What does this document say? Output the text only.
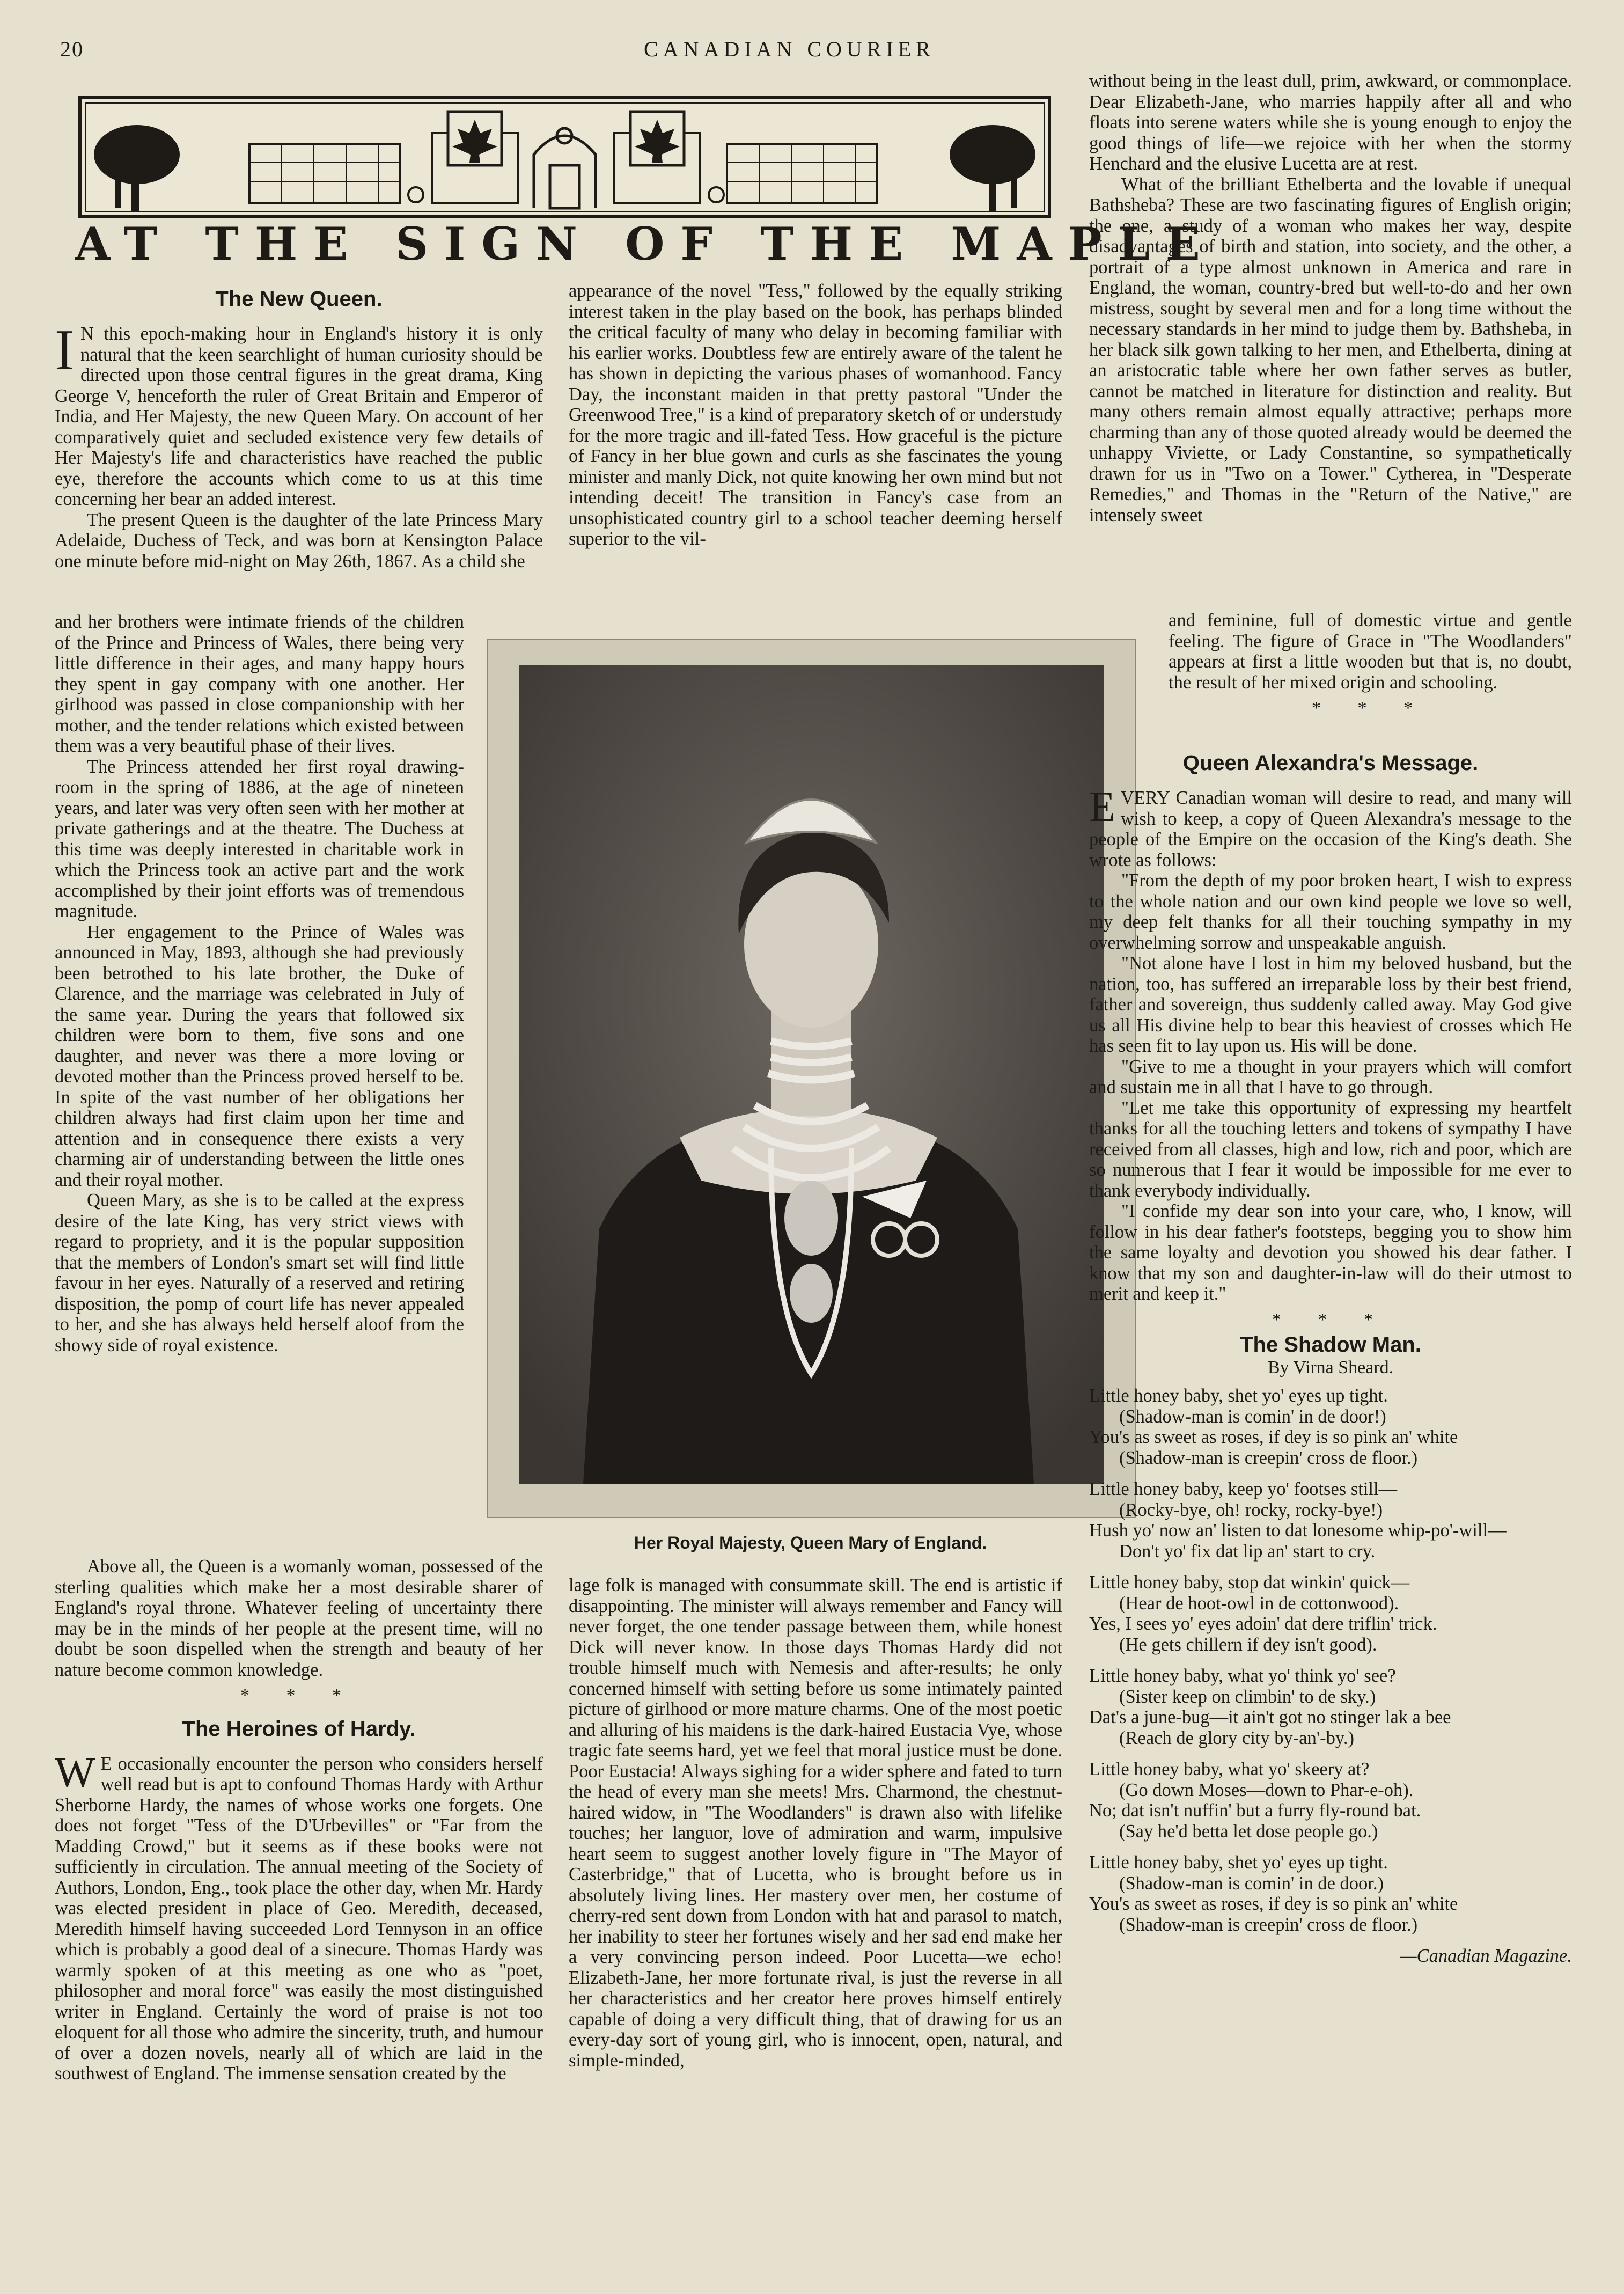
20	CANADIAN COURIER
AT THE SIGN OF THE MAPLE
The New Queen.

I N this epoch-making hour in England's history it is only natural that the keen searchlight of human curiosity should be directed upon those central figures in the great drama, King George V, henceforth the ruler of Great Britain and Emperor of India, and Her Majesty, the new Queen Mary. On account of her comparatively quiet and secluded existence very few details of Her Majesty's life and characteristics have reached the public eye, therefore the accounts which come to us at this time concerning her bear an added interest.

The present Queen is the daughter of the late Princess Mary Adelaide, Duchess of Teck, and was born at Kensington Palace one minute before mid-night on May 26th, 1867. As a child she

and her brothers were intimate friends of the children of the Prince and Princess of Wales, there being very little difference in their ages, and many happy hours they spent in gay company with one another. Her girlhood was passed in close companionship with her mother, and the tender relations which existed between them was a very beautiful phase of their lives.

The Princess attended her first royal drawing-room in the spring of 1886, at the age of nineteen years, and later was very often seen with her mother at private gatherings and at the theatre. The Duchess at this time was deeply interested in charitable work in which the Princess took an active part and the work accomplished by their joint efforts was of tremendous magnitude.

Her engagement to the Prince of Wales was announced in May, 1893, although she had previously been betrothed to his late brother, the Duke of Clarence, and the marriage was celebrated in July of the same year. During the years that followed six children were born to them, five sons and one daughter, and never was there a more loving or devoted mother than the Princess proved herself to be. In spite of the vast number of her obligations her children always had first claim upon her time and attention and in consequence there exists a very charming air of understanding between the little ones and their royal mother.

Queen Mary, as she is to be called at the express desire of the late King, has very strict views with regard to propriety, and it is the popular supposition that the members of London's smart set will find little favour in her eyes. Naturally of a reserved and retiring disposition, the pomp of court life has never appealed to her, and she has always held herself aloof from the showy side of royal existence.

Above all, the Queen is a womanly woman, possessed of the sterling qualities which make her a most desirable sharer of England's royal throne. Whatever feeling of uncertainty there may be in the minds of her people at the present time, will no doubt be soon dispelled when the strength and beauty of her nature become common knowledge.

* * *
The Heroines of Hardy.

W E occasionally encounter the person who considers herself well read but is apt to confound Thomas Hardy with Arthur Sherborne Hardy, the names of whose works one forgets. One does not forget "Tess of the D'Urbevilles" or "Far from the Madding Crowd," but it seems as if these books were not sufficiently in circulation. The annual meeting of the Society of Authors, London, Eng., took place the other day, when Mr. Hardy was elected president in place of Geo. Meredith, deceased, Meredith himself having succeeded Lord Tennyson in an office which is probably a good deal of a sinecure. Thomas Hardy was warmly spoken of at this meeting as one who as "poet, philosopher and moral force" was easily the most distinguished writer in England. Certainly the word of praise is not too eloquent for all those who admire the sincerity, truth, and humour of over a dozen novels, nearly all of which are laid in the southwest of England. The immense sensation created by the

appearance of the novel "Tess," followed by the equally striking interest taken in the play based on the book, has perhaps blinded the critical faculty of many who delay in becoming familiar with his earlier works. Doubtless few are entirely aware of the talent he has shown in depicting the various phases of womanhood. Fancy Day, the inconstant maiden in that pretty pastoral "Under the Greenwood Tree," is a kind of preparatory sketch of or understudy for the more tragic and ill-fated Tess. How graceful is the picture of Fancy in her blue gown and curls as she fascinates the young minister and manly Dick, not quite knowing her own mind but not intending deceit! The transition in Fancy's case from an unsophisticated country girl to a school teacher deeming herself superior to the vil-

Her Royal Majesty, Queen Mary of England.

lage folk is managed with consummate skill. The end is artistic if disappointing. The minister will always remember and Fancy will never forget, the one tender passage between them, while honest Dick will never know. In those days Thomas Hardy did not trouble himself much with Nemesis and after-results; he only concerned himself with setting before us some intimately painted picture of girlhood or more mature charms. One of the most poetic and alluring of his maidens is the dark-haired Eustacia Vye, whose tragic fate seems hard, yet we feel that moral justice must be done. Poor Eustacia! Always sighing for a wider sphere and fated to turn the head of every man she meets! Mrs. Charmond, the chestnut-haired widow, in "The Woodlanders" is drawn also with lifelike touches; her languor, love of admiration and warm, impulsive heart seem to suggest another lovely figure in "The Mayor of Casterbridge," that of Lucetta, who is brought before us in absolutely living lines. Her mastery over men, her costume of cherry-red sent down from London with hat and parasol to match, her inability to steer her fortunes wisely and her sad end make her a very convincing person indeed. Poor Lucetta—we echo! Elizabeth-Jane, her more fortunate rival, is just the reverse in all her characteristics and her creator here proves himself entirely capable of doing a very difficult thing, that of drawing for us an every-day sort of young girl, who is innocent, open, natural, and simple-minded,

without being in the least dull, prim, awkward, or commonplace. Dear Elizabeth-Jane, who marries happily after all and who floats into serene waters while she is young enough to enjoy the good things of life—we rejoice with her when the stormy Henchard and the elusive Lucetta are at rest.

What of the brilliant Ethelberta and the lovable if unequal Bathsheba? These are two fascinating figures of English origin; the one, a study of a woman who makes her way, despite disadvantages of birth and station, into society, and the other, a portrait of a type almost unknown in America and rare in England, the woman, country-bred but well-to-do and her own mistress, sought by several men and for a long time without the necessary standards in her mind to judge them by. Bathsheba, in her black silk gown talking to her men, and Ethelberta, dining at an aristocratic table where her own father serves as butler, cannot be matched in literature for distinction and reality. But many others remain almost equally attractive; perhaps more charming than any of those quoted already would be deemed the unhappy Viviette, or Lady Constantine, so sympathetically drawn for us in "Two on a Tower." Cytherea, in "Desperate Remedies," and Thomas in the "Return of the Native," are intensely sweet

and feminine, full of domestic virtue and gentle feeling. The figure of Grace in "The Woodlanders" appears at first a little wooden but that is, no doubt, the result of her mixed origin and schooling.

* * *
Queen Alexandra's Message.

EVERY Canadian woman will desire to read, and many will wish to keep, a copy of Queen Alexandra's message to the people of the Empire on the occasion of the King's death. She wrote as follows:

"From the depth of my poor broken heart, I wish to express to the whole nation and our own kind people we love so well, my deep felt thanks for all their touching sympathy in my overwhelming sorrow and unspeakable anguish.

"Not alone have I lost in him my beloved husband, but the nation, too, has suffered an irreparable loss by their best friend, father and sovereign, thus suddenly called away. May God give us all His divine help to bear this heaviest of crosses which He has seen fit to lay upon us. His will be done.

"Give to me a thought in your prayers which will comfort and sustain me in all that I have to go through.

"Let me take this opportunity of expressing my heartfelt thanks for all the touching letters and tokens of sympathy I have received from all classes, high and low, rich and poor, which are so numerous that I fear it would be impossible for me ever to thank everybody individually.

"I confide my dear son into your care, who, I know, will follow in his dear father's footsteps, begging you to show him the same loyalty and devotion you showed his dear father. I know that my son and daughter-in-law will do their utmost to merit and keep it."

* * *
The Shadow Man.
By Virna Sheard.
Little honey baby, shet yo' eyes up tight.
(Shadow-man is comin' in de door!)
You's as sweet as roses, if dey is so pink an' white
(Shadow-man is creepin' cross de floor.)
Little honey baby, keep yo' footses still—
(Rocky-bye, oh! rocky, rocky-bye!)
Hush yo' now an' listen to dat lonesome whip-po'-will—
Don't yo' fix dat lip an' start to cry.
Little honey baby, stop dat winkin' quick—
(Hear de hoot-owl in de cottonwood).
Yes, I sees yo' eyes adoin' dat dere triflin' trick.
(He gets chillern if dey isn't good).
Little honey baby, what yo' think yo' see?
(Sister keep on climbin' to de sky.)
Dat's a june-bug—it ain't got no stinger lak a bee
(Reach de glory city by-an'-by.)
Little honey baby, what yo' skeery at?
(Go down Moses—down to Phar-e-oh).
No; dat isn't nuffin' but a furry fly-round bat.
(Say he'd betta let dose people go.)
Little honey baby, shet yo' eyes up tight.
(Shadow-man is comin' in de door.)
You's as sweet as roses, if dey is so pink an' white
(Shadow-man is creepin' cross de floor.)
—Canadian Magazine.
